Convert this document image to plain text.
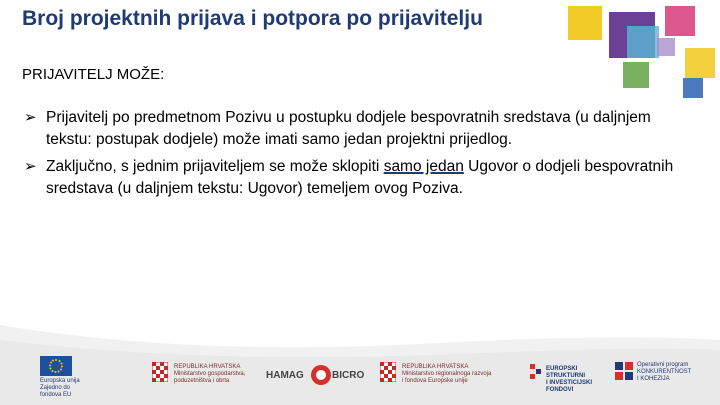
Broj projektnih prijava i potpora po prijavitelju
PRIJAVITELJ MOŽE:
➢ Prijavitelj po predmetnom Pozivu u postupku dodjele bespovratnih sredstava (u daljnjem tekstu: postupak dodjele) može imati samo jedan projektni prijedlog.
➢ Zaključno, s jednim prijaviteljem se može sklopiti samo jedan Ugovor o dodjeli bespovratnih sredstava (u daljnjem tekstu: Ugovor) temeljem ovog Poziva.
Europska unija
Zajedno do fondova EU
REPUBLIKA HRVATSKA
Ministarstvo gospodarstva,
poduzetništva i obrta	HAMAG	BICRO
REPUBLIKA HRVATSKA
Ministarstvo regionalnoga razvoja
i fondova Europske unije
EUROPSKI STRUKTURNI
I INVESTICIJSKI FONDOVI
Operativni program
KONKURENTNOST
I KOHEZIJA
